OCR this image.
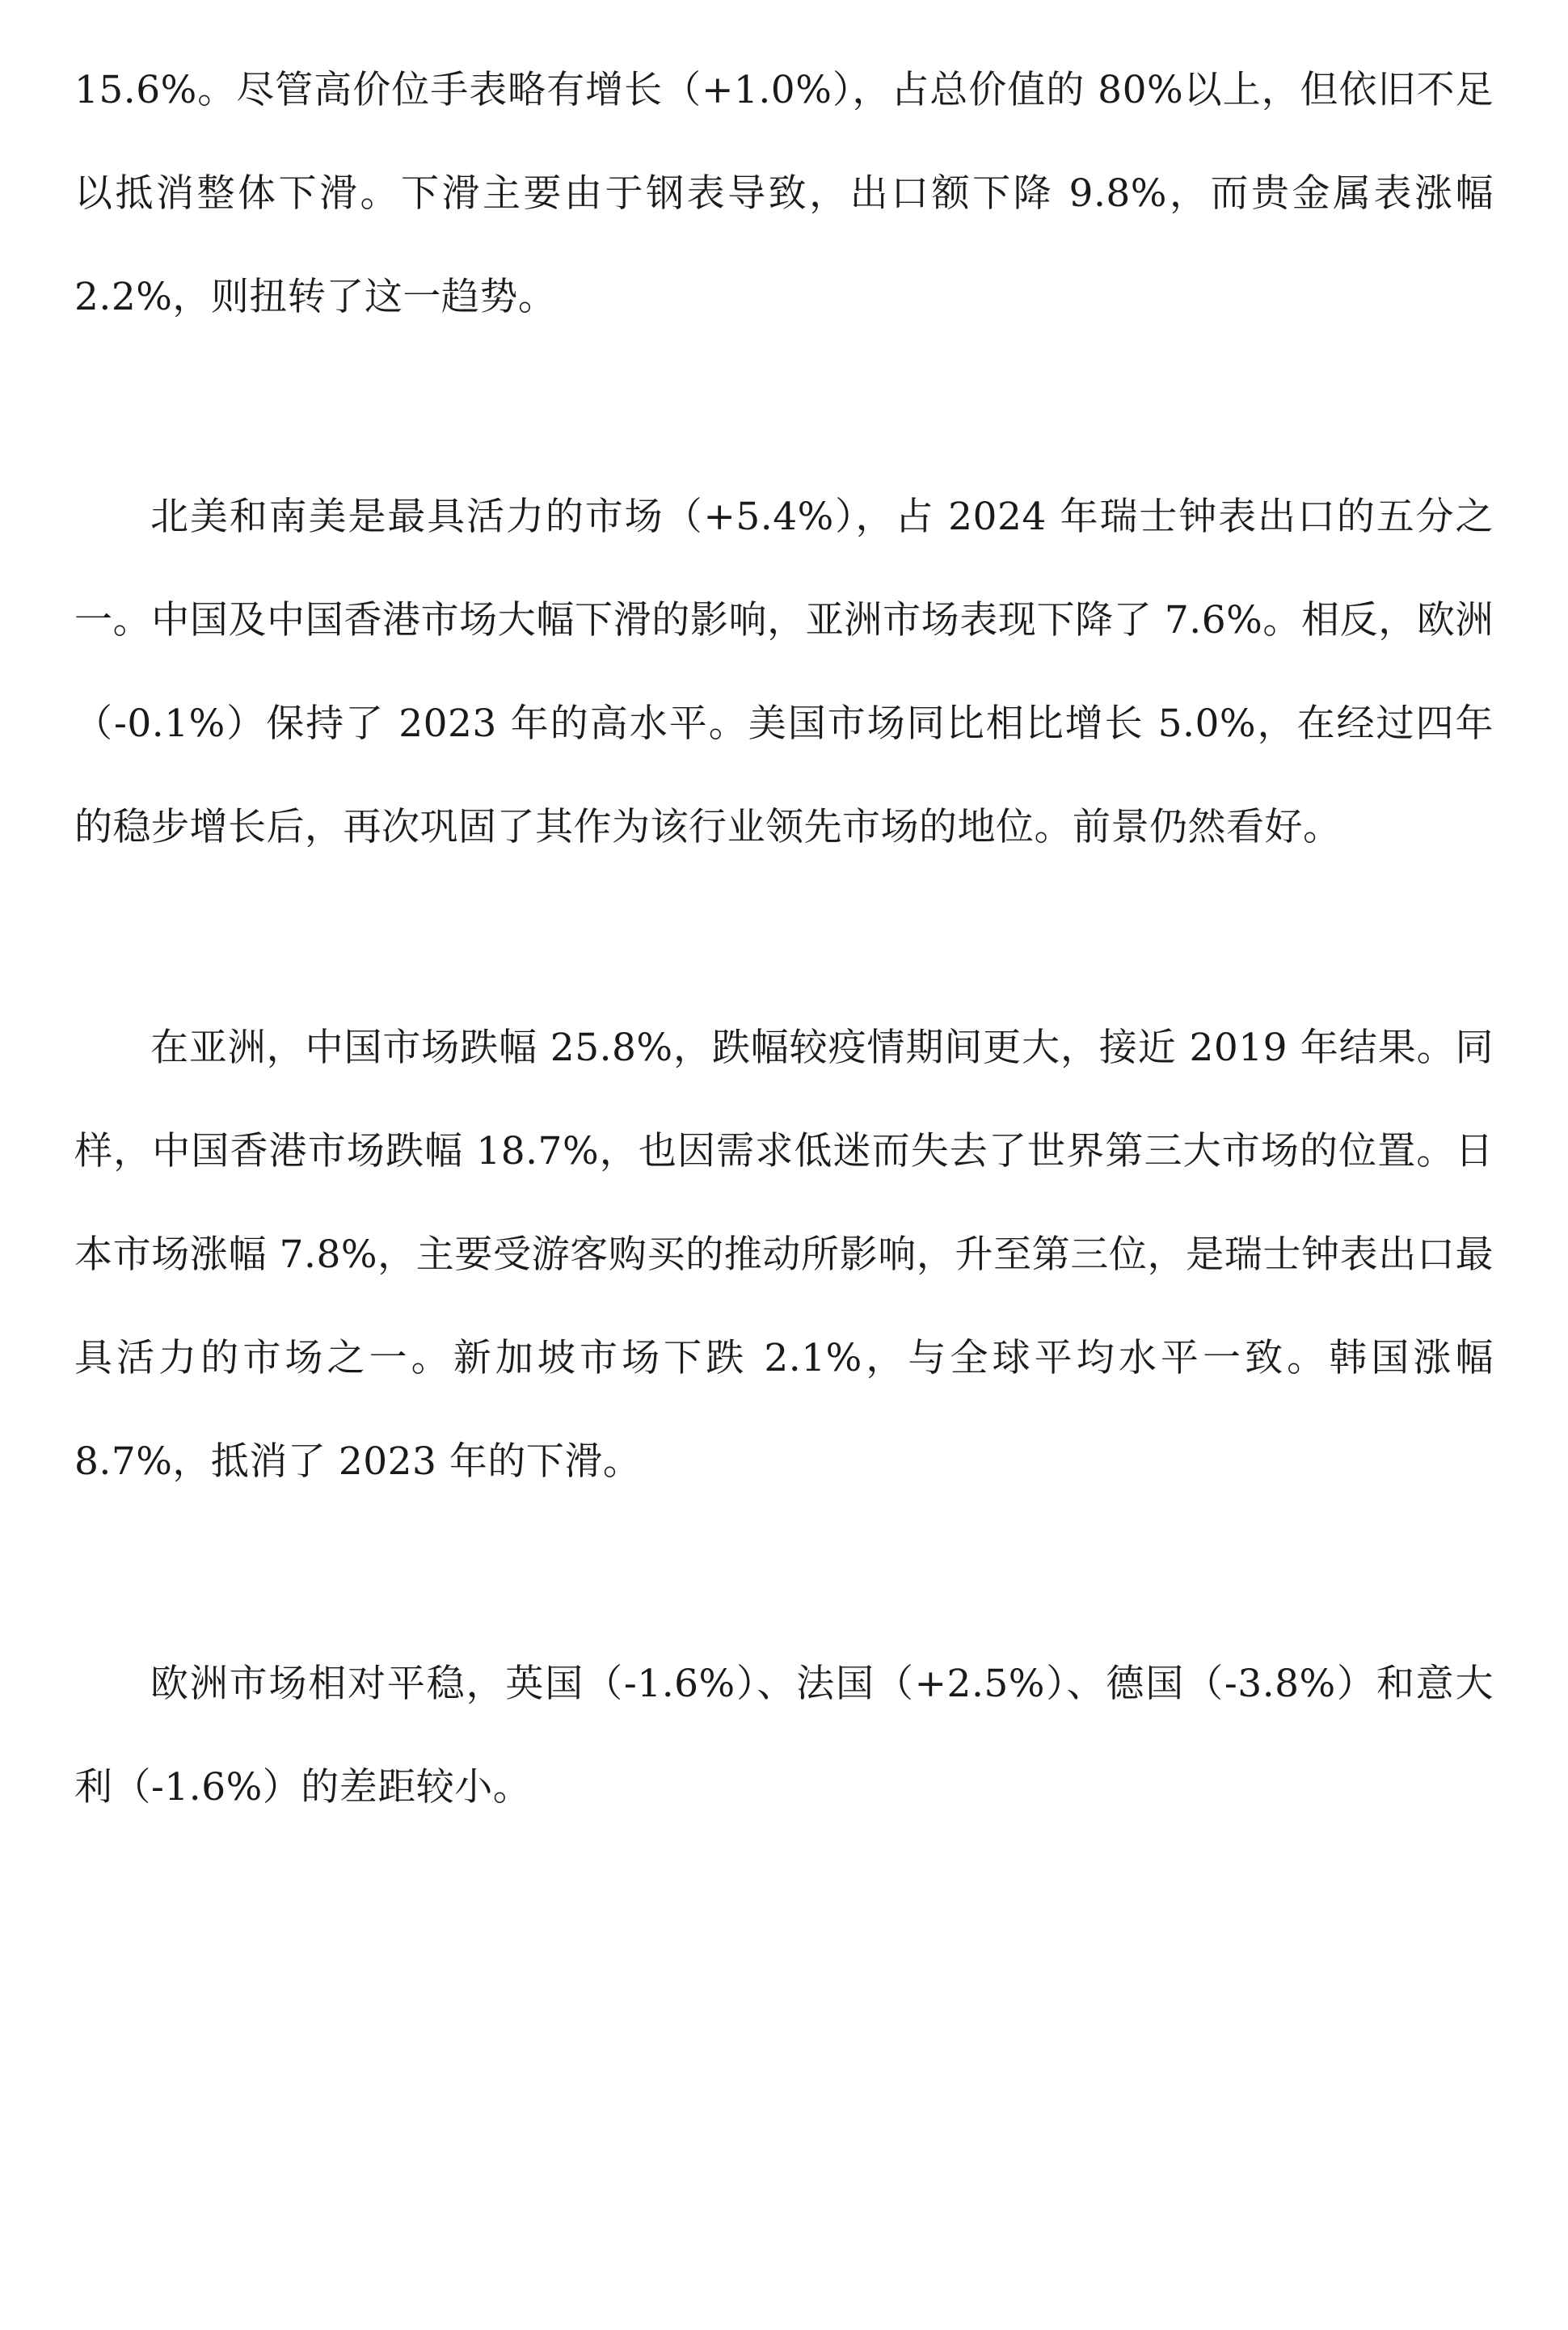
15.6%。尽管高价位手表略有增长（+1.0%），占总价值的 80%以上，但依旧不足以抵消整体下滑。下滑主要由于钢表导致，出口额下降 9.8%，而贵金属表涨幅 2.2%，则扭转了这一趋势。

北美和南美是最具活力的市场（+5.4%），占 2024 年瑞士钟表出口的五分之一。中国及中国香港市场大幅下滑的影响，亚洲市场表现下降了 7.6%。相反，欧洲（-0.1%）保持了 2023 年的高水平。美国市场同比相比增长 5.0%，在经过四年的稳步增长后，再次巩固了其作为该行业领先市场的地位。前景仍然看好。

在亚洲，中国市场跌幅 25.8%，跌幅较疫情期间更大，接近 2019 年结果。同样，中国香港市场跌幅 18.7%，也因需求低迷而失去了世界第三大市场的位置。日本市场涨幅 7.8%，主要受游客购买的推动所影响，升至第三位，是瑞士钟表出口最具活力的市场之一。新加坡市场下跌 2.1%，与全球平均水平一致。韩国涨幅 8.7%，抵消了 2023 年的下滑。

欧洲市场相对平稳，英国（-1.6%）、法国（+2.5%）、德国（-3.8%）和意大利（-1.6%）的差距较小。
